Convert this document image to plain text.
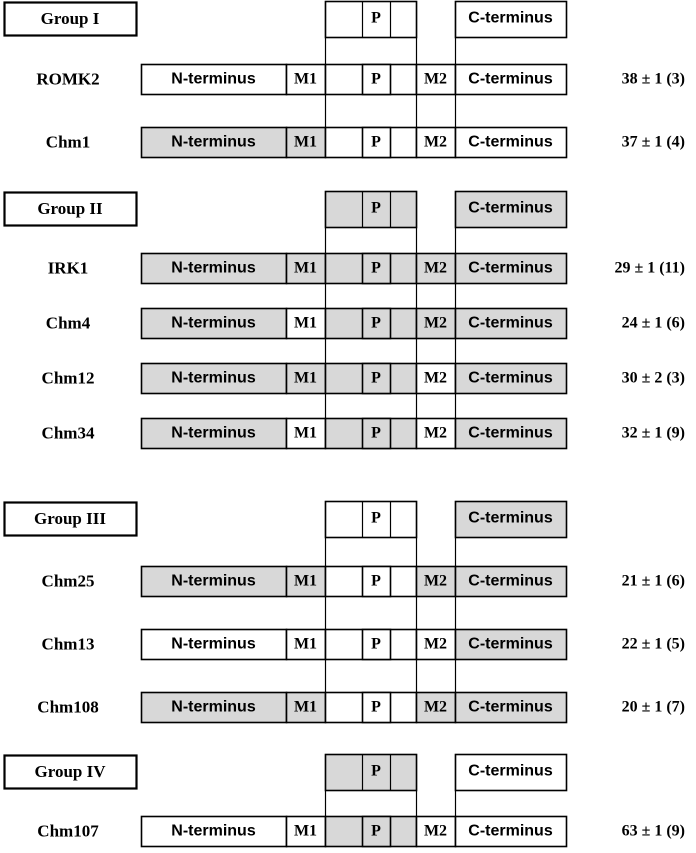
Group I	P	C-terminus
ROMK2	N-terminus M1	P	M2 C-terminus	38 ± 1 (3)
Chm1	N-terminus M1	P	M2 C-terminus	37 ± 1 (4)
Group II	P	C-terminus
IRK1	N-terminus M1	P	M2 C-terminus	29 ± 1 (11)
Chm4	N-terminus M1	P	M2 C-terminus	24 ± 1 (6)
Chm12	N-terminus M1	P	M2 C-terminus	30 ± 2 (3)
Chm34	N-terminus M1	P	M2 C-terminus	32 ± 1 (9)
Group III	P	C-terminus
Chm25	N-terminus M1	P	M2 C-terminus	21 ± 1 (6)
Chm13	N-terminus M1	P	M2 C-terminus	22 ± 1 (5)
Chm108	N-terminus M1	P	M2 C-terminus	20 ± 1 (7)
Group IV	P	C-terminus
Chm107	N-terminus M1	P	M2 C-terminus	63 ± 1 (9)
